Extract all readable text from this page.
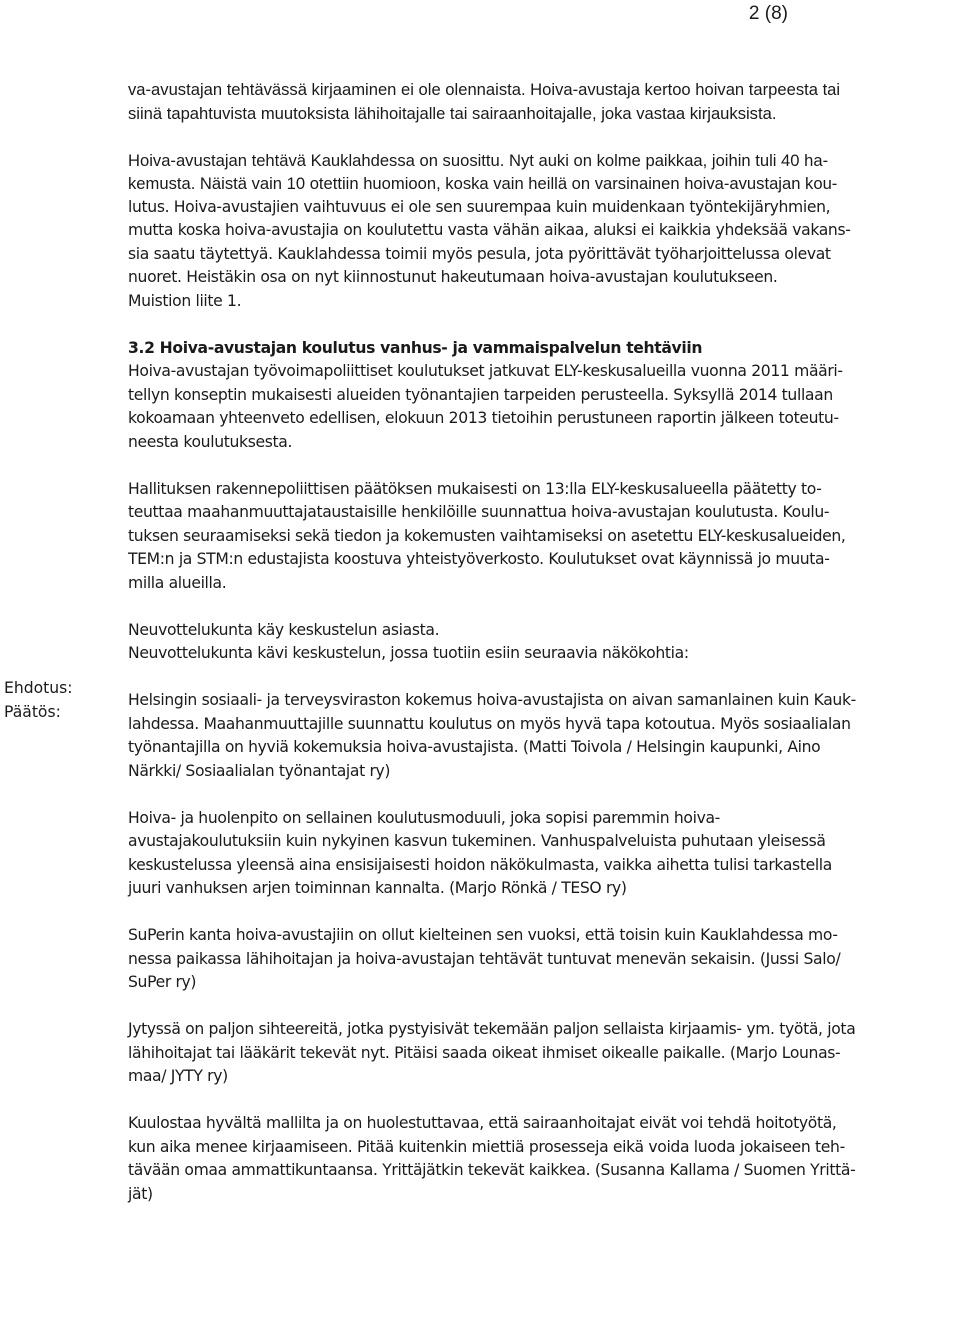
2 (8)
Ehdotus:
Päätös:
va-avustajan tehtävässä kirjaaminen ei ole olennaista. Hoiva-avustaja kertoo hoivan tarpeesta tai
siinä tapahtuvista muutoksista lähihoitajalle tai sairaanhoitajalle, joka vastaa kirjauksista.
Hoiva-avustajan tehtävä Kauklahdessa on suosittu. Nyt auki on kolme paikkaa, joihin tuli 40 ha-
kemusta. Näistä vain 10 otettiin huomioon, koska vain heillä on varsinainen hoiva-avustajan kou-
lutus. Hoiva-avustajien vaihtuvuus ei ole sen suurempaa kuin muidenkaan työntekijäryhmien,
mutta koska hoiva-avustajia on koulutettu vasta vähän aikaa, aluksi ei kaikkia yhdeksää vakans-
sia saatu täytettyä. Kauklahdessa toimii myös pesula, jota pyörittävät työharjoittelussa olevat
nuoret. Heistäkin osa on nyt kiinnostunut hakeutumaan hoiva-avustajan koulutukseen.
Muistion liite 1.
3.2 Hoiva-avustajan koulutus vanhus- ja vammaispalvelun tehtäviin
Hoiva-avustajan työvoimapoliittiset koulutukset jatkuvat ELY-keskusalueilla vuonna 2011 määri-
tellyn konseptin mukaisesti alueiden työnantajien tarpeiden perusteella. Syksyllä 2014 tullaan
kokoamaan yhteenveto edellisen, elokuun 2013 tietoihin perustuneen raportin jälkeen toteutu-
neesta koulutuksesta.
Hallituksen rakennepoliittisen päätöksen mukaisesti on 13:lla ELY-keskusalueella päätetty to-
teuttaa maahanmuuttajataustaisille henkilöille suunnattua hoiva-avustajan koulutusta. Koulu-
tuksen seuraamiseksi sekä tiedon ja kokemusten vaihtamiseksi on asetettu ELY-keskusalueiden,
TEM:n ja STM:n edustajista koostuva yhteistyöverkosto. Koulutukset ovat käynnissä jo muuta-
milla alueilla.
Neuvottelukunta käy keskustelun asiasta.
Neuvottelukunta kävi keskustelun, jossa tuotiin esiin seuraavia näkökohtia:
Helsingin sosiaali- ja terveysviraston kokemus hoiva-avustajista on aivan samanlainen kuin Kauk-
lahdessa. Maahanmuuttajille suunnattu koulutus on myös hyvä tapa kotoutua. Myös sosiaalialan
työnantajilla on hyviä kokemuksia hoiva-avustajista. (Matti Toivola / Helsingin kaupunki, Aino
Närkki/ Sosiaalialan työnantajat ry)
Hoiva- ja huolenpito on sellainen koulutusmoduuli, joka sopisi paremmin hoiva-
avustajakoulutuksiin kuin nykyinen kasvun tukeminen. Vanhuspalveluista puhutaan yleisessä
keskustelussa yleensä aina ensisijaisesti hoidon näkökulmasta, vaikka aihetta tulisi tarkastella
juuri vanhuksen arjen toiminnan kannalta. (Marjo Rönkä / TESO ry)
SuPerin kanta hoiva-avustajiin on ollut kielteinen sen vuoksi, että toisin kuin Kauklahdessa mo-
nessa paikassa lähihoitajan ja hoiva-avustajan tehtävät tuntuvat menevän sekaisin. (Jussi Salo/
SuPer ry)
Jytyssä on paljon sihteereitä, jotka pystyisivät tekemään paljon sellaista kirjaamis- ym. työtä, jota
lähihoitajat tai lääkärit tekevät nyt. Pitäisi saada oikeat ihmiset oikealle paikalle. (Marjo Lounas-
maa/ JYTY ry)
Kuulostaa hyvältä mallilta ja on huolestuttavaa, että sairaanhoitajat eivät voi tehdä hoitotyötä,
kun aika menee kirjaamiseen. Pitää kuitenkin miettiä prosesseja eikä voida luoda jokaiseen teh-
tävään omaa ammattikuntaansa. Yrittäjätkin tekevät kaikkea. (Susanna Kallama / Suomen Yrittä-
jät)
